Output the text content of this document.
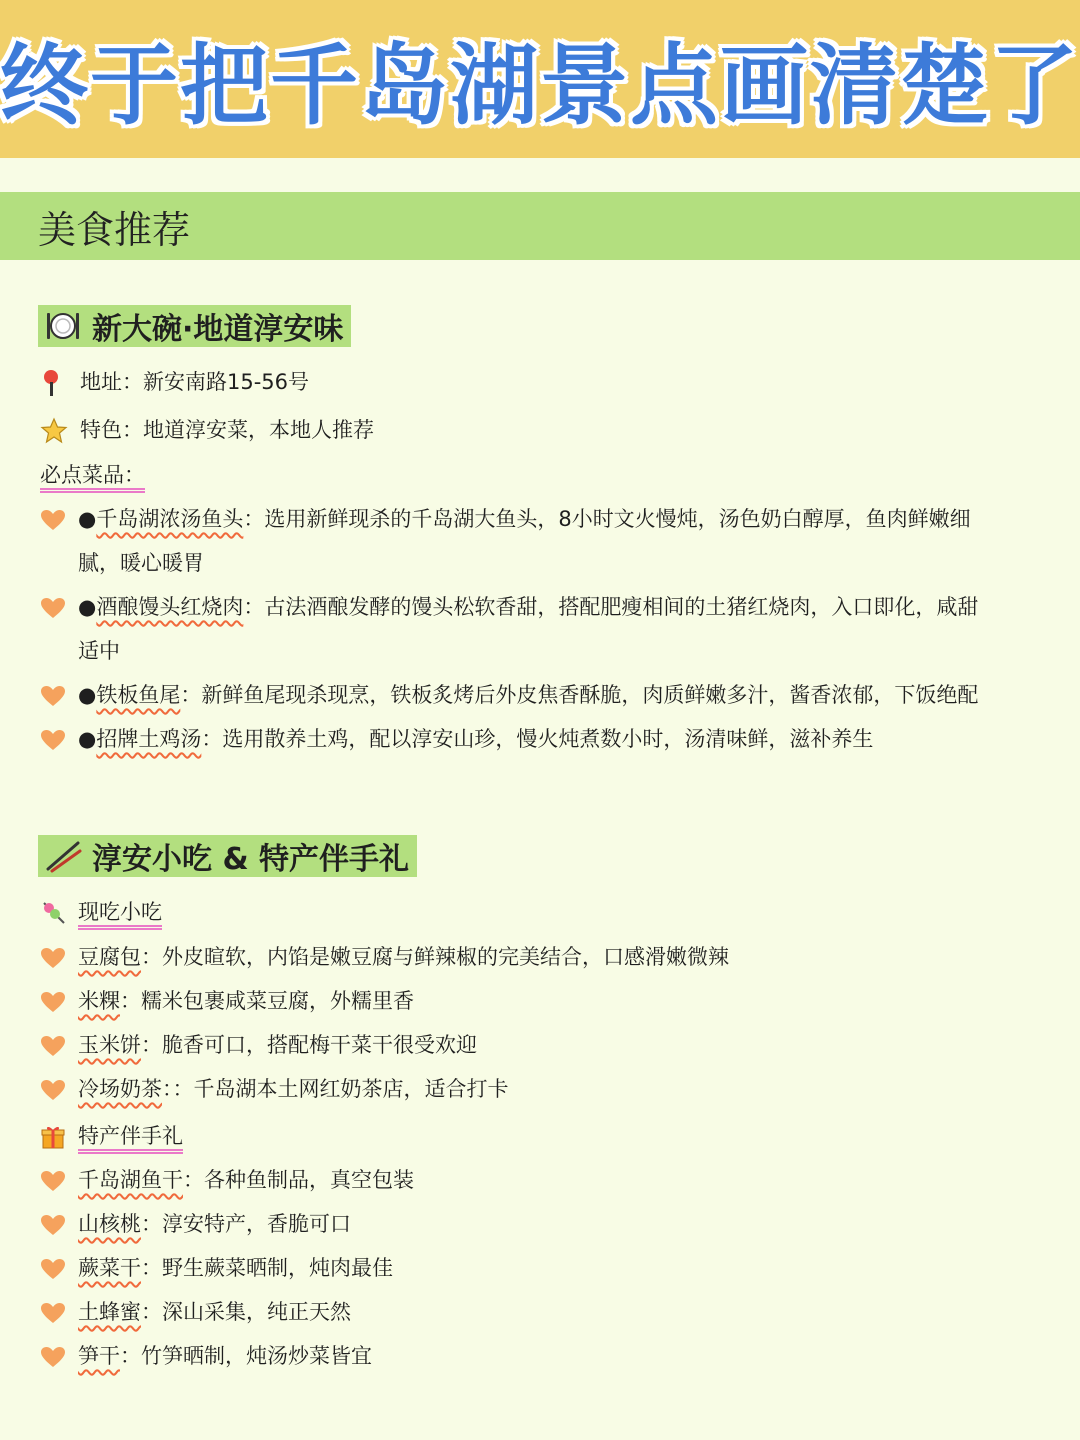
终于把千岛湖景点画清楚了
美食推荐
新大碗·地道淳安味
地址：新安南路15-56号
特色：地道淳安菜，本地人推荐
必点菜品：
●千岛湖浓汤鱼头：选用新鲜现杀的千岛湖大鱼头，8小时文火慢炖，汤色奶白醇厚，鱼肉鲜嫩细
腻，暖心暖胃
●酒酿馒头红烧肉：古法酒酿发酵的馒头松软香甜，搭配肥瘦相间的土猪红烧肉，入口即化，咸甜
适中
●铁板鱼尾：新鲜鱼尾现杀现烹，铁板炙烤后外皮焦香酥脆，肉质鲜嫩多汁，酱香浓郁，下饭绝配
●招牌土鸡汤：选用散养土鸡，配以淳安山珍，慢火炖煮数小时，汤清味鲜，滋补养生
淳安小吃 & 特产伴手礼
现吃小吃
豆腐包：外皮暄软，内馅是嫩豆腐与鲜辣椒的完美结合，口感滑嫩微辣
米粿：糯米包裹咸菜豆腐，外糯里香
玉米饼：脆香可口，搭配梅干菜干很受欢迎
冷场奶茶：：千岛湖本土网红奶茶店，适合打卡
特产伴手礼
千岛湖鱼干：各种鱼制品，真空包装
山核桃：淳安特产，香脆可口
蕨菜干：野生蕨菜晒制，炖肉最佳
土蜂蜜：深山采集，纯正天然
笋干：竹笋晒制，炖汤炒菜皆宜
